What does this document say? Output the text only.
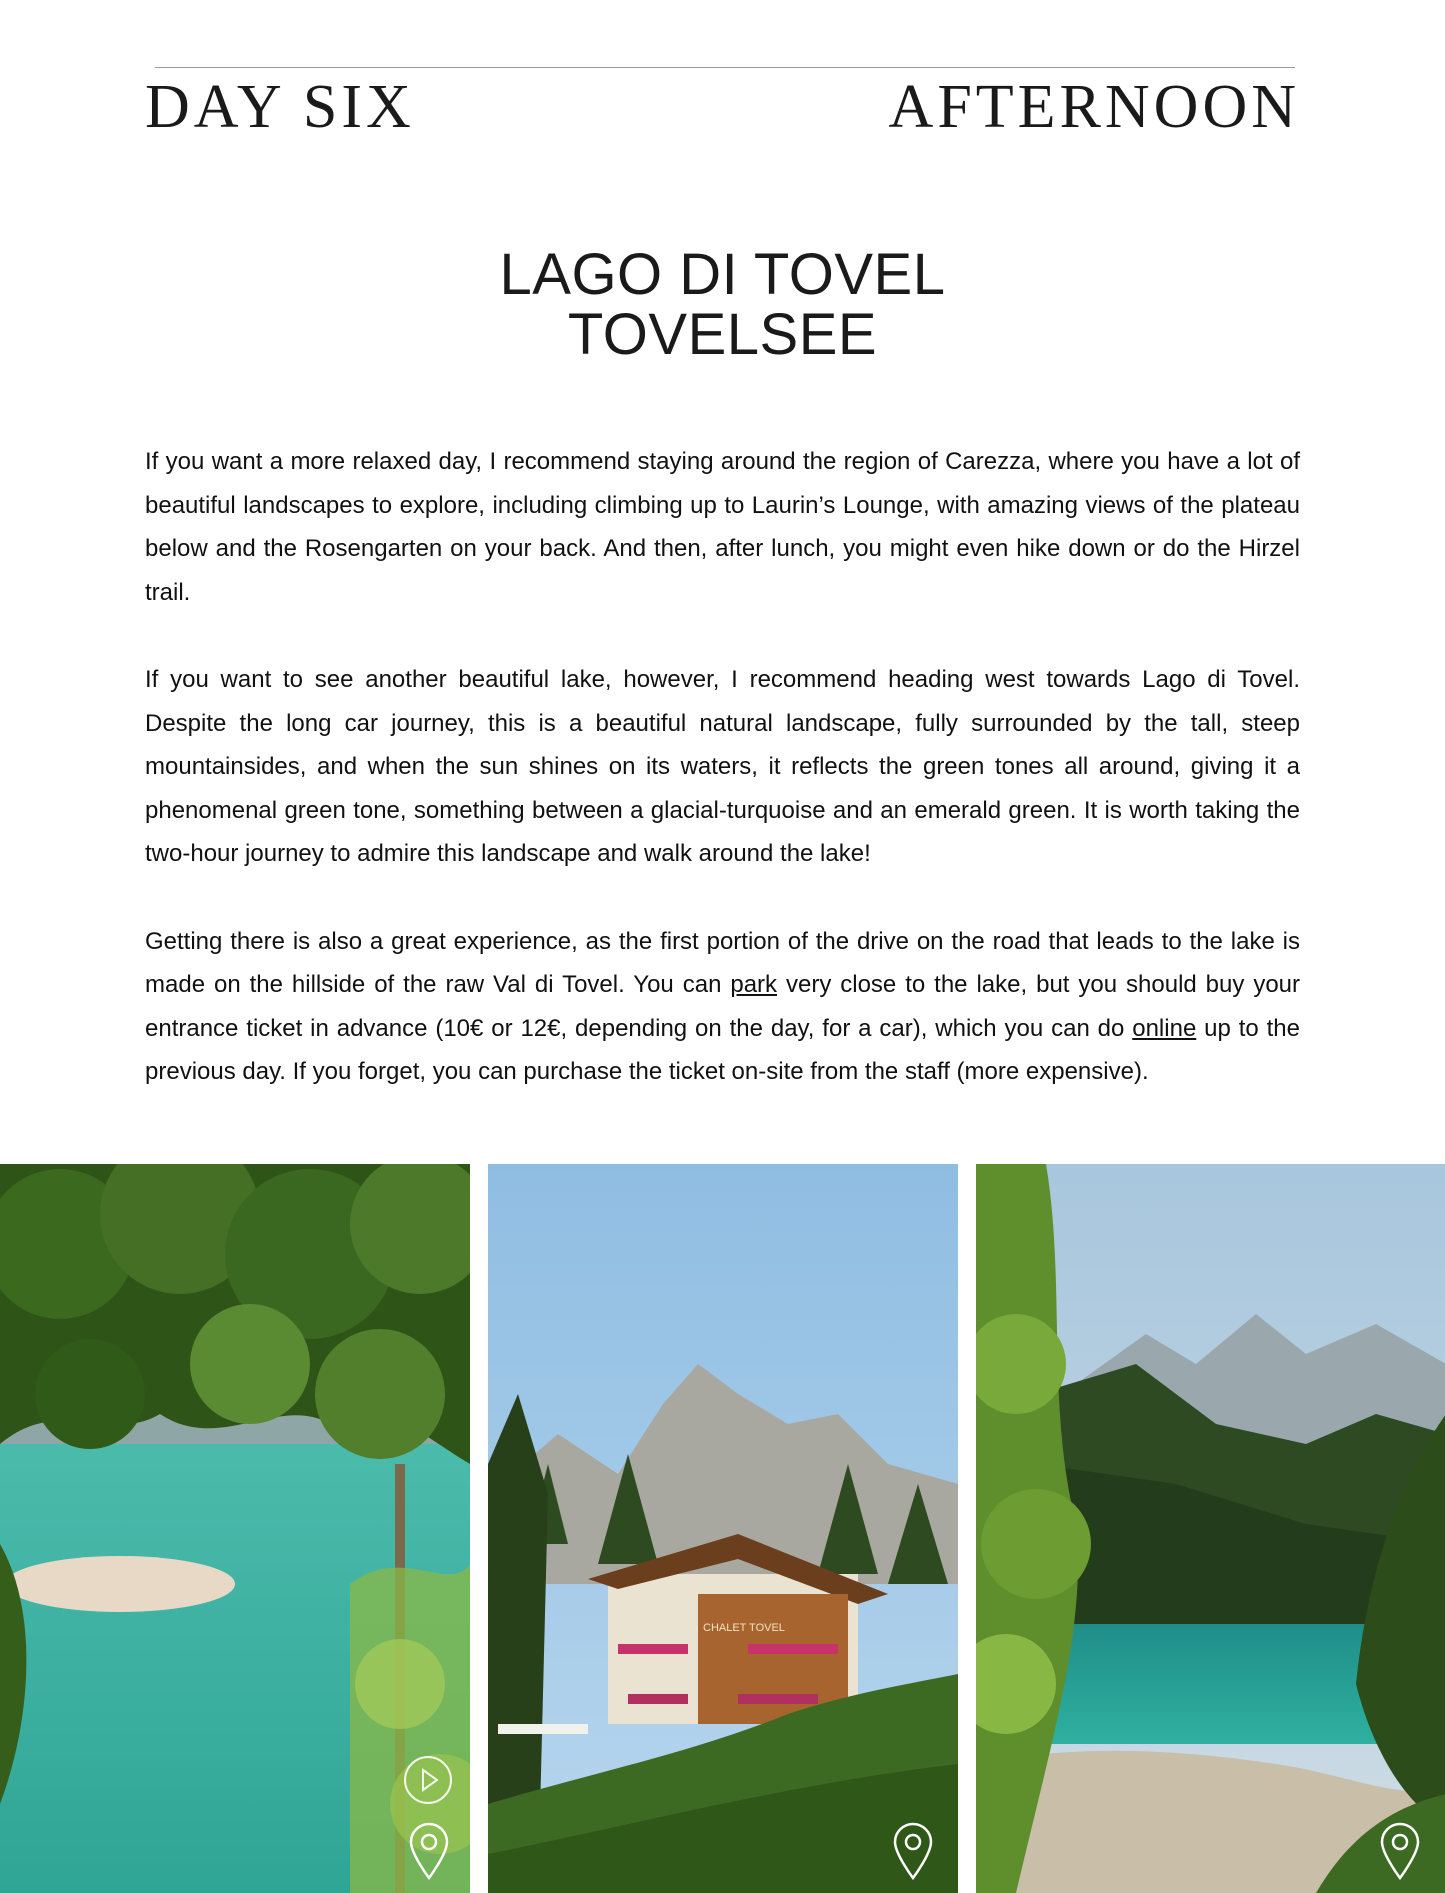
DAY SIX	AFTERNOON
LAGO DI TOVEL
TOVELSEE

If you want a more relaxed day, I recommend staying around the region of Carezza, where you have a lot of beautiful landscapes to explore, including climbing up to Laurin’s Lounge, with amazing views of the plateau below and the Rosengarten on your back. And then, after lunch, you might even hike down or do the Hirzel trail.

If you want to see another beautiful lake, however, I recommend heading west towards Lago di Tovel. Despite the long car journey, this is a beautiful natural landscape, fully surrounded by the tall, steep mountainsides, and when the sun shines on its waters, it reflects the green tones all around, giving it a phenomenal green tone, something between a glacial-turquoise and an emerald green. It is worth taking the two-hour journey to admire this landscape and walk around the lake!

Getting there is also a great experience, as the first portion of the drive on the road that leads to the lake is made on the hillside of the raw Val di Tovel. You can park very close to the lake, but you should buy your entrance ticket in advance (10€ or 12€, depending on the day, for a car), which you can do online up to the previous day. If you forget, you can purchase the ticket on-site from the staff (more expensive).

CHALET TOVEL
